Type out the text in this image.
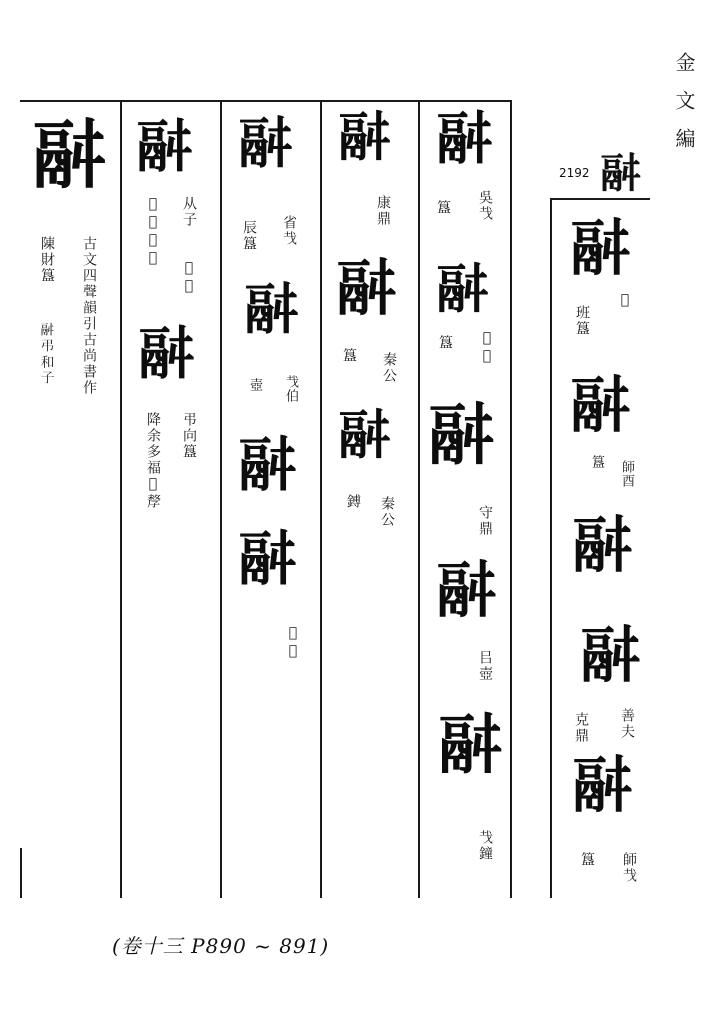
金文編
2192 𩰫
𩰫
𢑴
班簋
𩰫
師酉
簋
𩰫
𩰫
善夫
克鼎
𩰫
師𢦏
簋
𩰫
吳𢦏
簋
𩰫
𢑴伯
簋
𩰫
守鼎
𩰫
㠯壺
𩰫
𢦏鐘
𩰫
康鼎
𩰫
秦公
簋
𩰫
秦公
鎛
𩰫
省𢦏
辰簋
𩰫
𢦏伯
壺
𩰫
𩰫
𢑴鼎
𩰫
从子
𢑴簋
𢑴成多孷
𩰫
弔向簋
降余多福𢑴孷
𩰫
古文四聲韻引古尚書作
陳財簋
𩰫弔和子
(卷十三 P890 ~ 891)
